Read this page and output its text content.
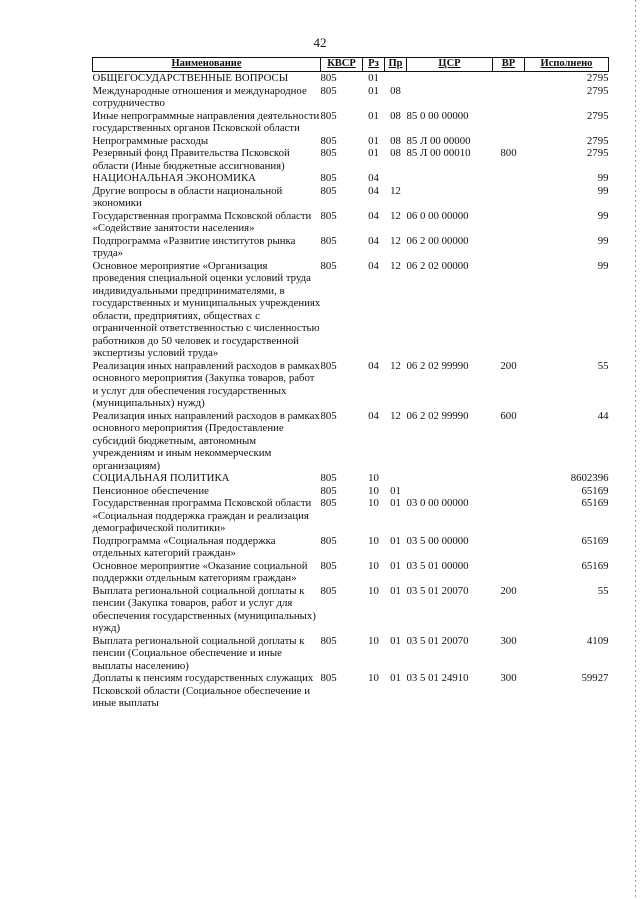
42
Наименование	КВСР	Рз	Пр	ЦСР	ВР	Исполнено
ОБЩЕГОСУДАРСТВЕННЫЕ ВОПРОСЫ	805	01				2795
Международные отношения и международное сотрудничество	805	01	08			2795
Иные непрограммные направления деятельности государственных органов Псковской области	805	01	08	85 0 00 00000		2795
Непрограммные расходы	805	01	08	85 Л 00 00000		2795
Резервный фонд Правительства Псковской области (Иные бюджетные ассигнования)	805	01	08	85 Л 00 00010	800	2795
НАЦИОНАЛЬНАЯ ЭКОНОМИКА	805	04				99
Другие вопросы в области национальной экономики	805	04	12			99
Государственная программа Псковской области «Содействие занятости населения»	805	04	12	06 0 00 00000		99
Подпрограмма «Развитие институтов рынка труда»	805	04	12	06 2 00 00000		99
Основное мероприятие «Организация проведения специальной оценки условий труда индивидуальными предпринимателями, в государственных и муниципальных учреждениях области, предприятиях, обществах с ограниченной ответственностью с численностью работников до 50 человек и государственной экспертизы условий труда»	805	04	12	06 2 02 00000		99
Реализация иных направлений расходов в рамках основного мероприятия (Закупка товаров, работ и услуг для обеспечения государственных (муниципальных) нужд)	805	04	12	06 2 02 99990	200	55
Реализация иных направлений расходов в рамках основного мероприятия (Предоставление субсидий бюджетным, автономным учреждениям и иным некоммерческим организациям)	805	04	12	06 2 02 99990	600	44
СОЦИАЛЬНАЯ ПОЛИТИКА	805	10				8602396
Пенсионное обеспечение	805	10	01			65169
Государственная программа Псковской области «Социальная поддержка граждан и реализация демографической политики»	805	10	01	03 0 00 00000		65169
Подпрограмма «Социальная поддержка отдельных категорий граждан»	805	10	01	03 5 00 00000		65169
Основное мероприятие «Оказание социальной поддержки отдельным категориям граждан»	805	10	01	03 5 01 00000		65169
Выплата региональной социальной доплаты к пенсии (Закупка товаров, работ и услуг для обеспечения государственных (муниципальных) нужд)	805	10	01	03 5 01 20070	200	55
Выплата региональной социальной доплаты к пенсии (Социальное обеспечение и иные выплаты населению)	805	10	01	03 5 01 20070	300	4109
Доплаты к пенсиям государственных служащих Псковской области (Социальное обеспечение и иные выплаты	805	10	01	03 5 01 24910	300	59927
